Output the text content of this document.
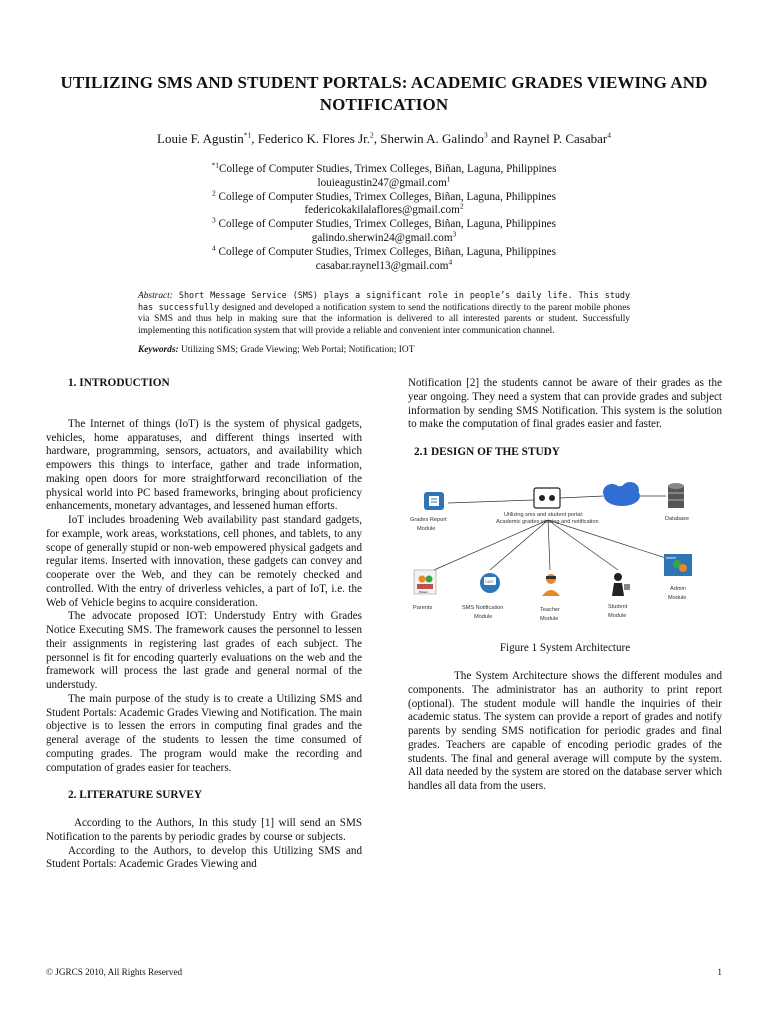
UTILIZING SMS AND STUDENT PORTALS: ACADEMIC GRADES VIEWING AND NOTIFICATION
Louie F. Agustin$^{*1}$, Federico K. Flores Jr.$^2$, Sherwin A. Galindo$^3$ and Raynel P. Casabar$^4$
$^{*1}$College of Computer Studies, Trimex Colleges, Biñan, Laguna, Philippines
louieagustin247@gmail.com$^1$
$^2$ College of Computer Studies, Trimex Colleges, Biñan, Laguna, Philippines
federicokakilalaflores@gmail.com$^2$
$^3$ College of Computer Studies, Trimex Colleges, Biñan, Laguna, Philippines
galindo.sherwin24@gmail.com$^3$
$^4$ College of Computer Studies, Trimex Colleges, Biñan, Laguna, Philippines
casabar.raynel13@gmail.com$^4$
Abstract: Short Message Service (SMS) plays a significant role in people’s daily life. This study has successfully designed and developed a notification system to send the notifications directly to the parent mobile phones via SMS and thus help in making sure that the information is delivered to all interested parents or student. Successfully implementing this notification system that will provide a reliable and convenient inter communication channel.
Keywords: Utilizing SMS; Grade Viewing; Web Portal; Notification; IOT

1. INTRODUCTION

The Internet of things (IoT) is the system of physical gadgets, vehicles, home apparatuses, and different things inserted with hardware, programming, sensors, actuators, and availability which empowers this things to interface, gather and trade information, making open doors for more straightforward reconciliation of the physical world into PC based frameworks, bringing about proficiency enhancements, monetary advantages, and lessened human efforts.

IoT includes broadening Web availability past standard gadgets, for example, work areas, workstations, cell phones, and tablets, to any scope of generally stupid or non-web empowered physical gadgets and regular items. Inserted with innovation, these gadgets can convey and cooperate over the Web, and they can be remotely checked and controlled. With the entry of driverless vehicles, a part of IoT, i.e. the Web of Vehicle begins to acquire consideration.

The advocate proposed IOT: Understudy Entry with Grades Notice Executing SMS. The framework causes the personnel to lessen their assignments in registering last grades of each subject. The personnel is fit for encoding quarterly evaluations on the web and the framework will process the last grade and general normal of the understudy.

The main purpose of the study is to create a Utilizing SMS and Student Portals: Academic Grades Viewing and Notification. The main objective is to lessen the errors in computing final grades and the general average of the students to lessen the time consumed of computing grades. The program would make the recording and computation of grades easier for teachers.

2. LITERATURE SURVEY

According to the Authors, In this study [1] will send an SMS Notification to the parents by periodic grades by course or subjects.

According to the Authors, to develop this Utilizing SMS and Student Portals: Academic Grades Viewing and

Notification [2] the students cannot be aware of their grades as the year ongoing. They need a system that can provide grades and subject information by sending SMS Notification. This system is the solution to make the computation of final grades easier and faster.

2.1 DESIGN OF THE STUDY

Grades Report
Module
Utilizing sms and student portal:
Academic grades viewing and notification	Database
Parent
Parents
SMS
SMS Notification
Module
Teacher
Module
Student
Module
Admin
Admin
Module
Figure 1 System Architecture

The System Architecture shows the different modules and components. The administrator has an authority to print report (optional). The student module will handle the inquiries of their academic status. The system can provide a report of grades and notify parents by sending SMS notification for periodic grades and final grades. Teachers are capable of encoding periodic grades of the students. The final and general average will compute by the system. All data needed by the system are stored on the database server which handles all data from the users.

© JGRCS 2010, All Rights Reserved	1
